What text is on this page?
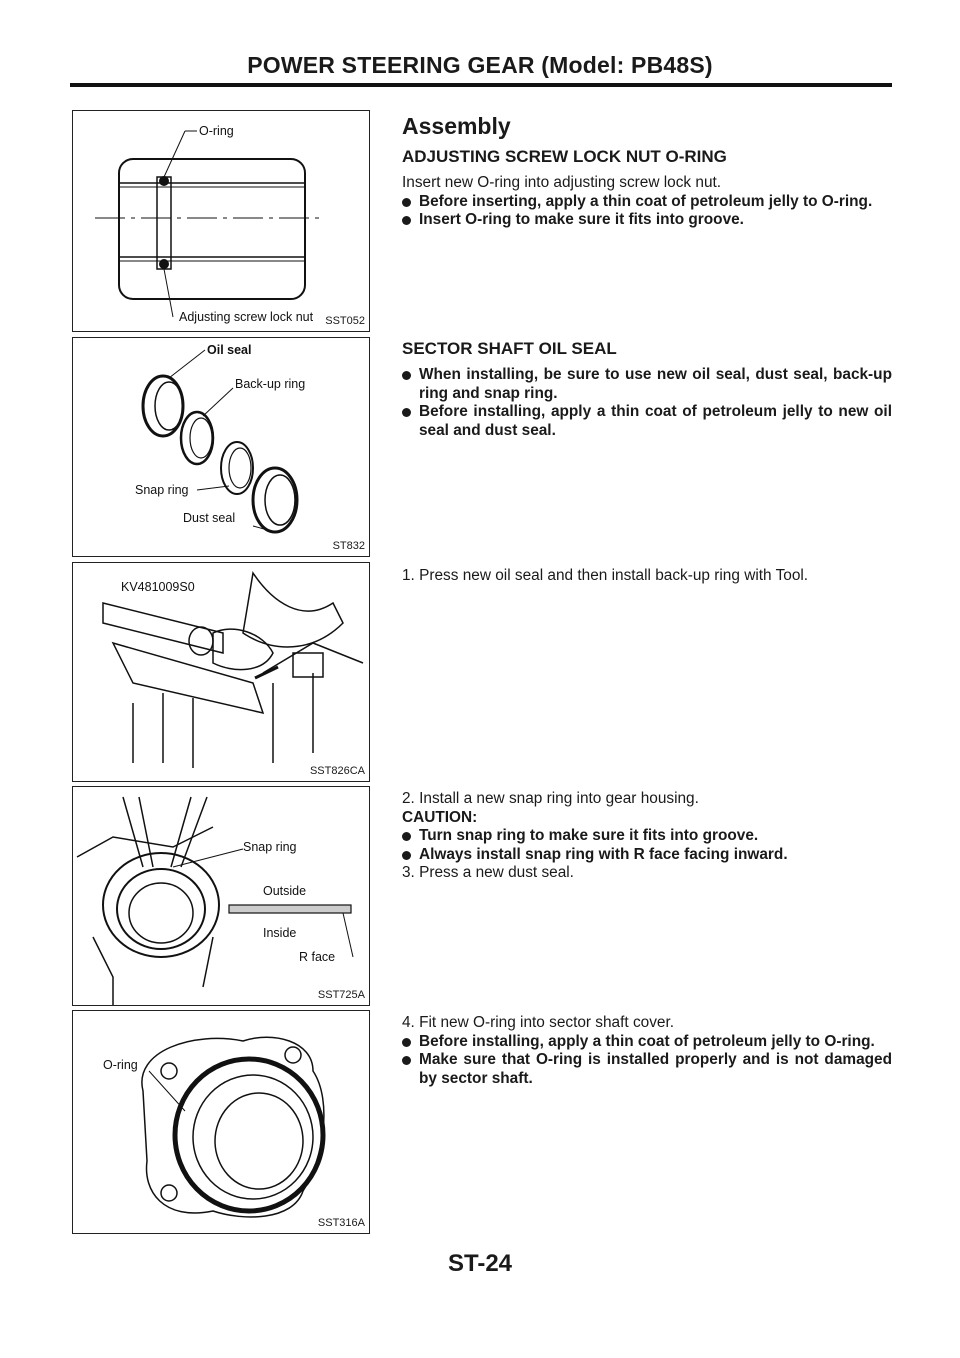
POWER STEERING GEAR (Model: PB48S)
O-ring
Adjusting screw lock nut SST052
Oil seal
Back-up ring
Snap ring
Dust seal
ST832
KV481009S0
SST826CA
Snap ring
Outside
Inside
R face
SST725A
O-ring
SST316A
Assembly
ADJUSTING SCREW LOCK NUT O-RING

Insert new O-ring into adjusting screw lock nut.

Before inserting, apply a thin coat of petroleum jelly to O-ring.

Insert O-ring to make sure it fits into groove.

SECTOR SHAFT OIL SEAL

When installing, be sure to use new oil seal, dust seal, back-up ring and snap ring.

Before installing, apply a thin coat of petroleum jelly to new oil seal and dust seal.

1. Press new oil seal and then install back-up ring with Tool.

2. Install a new snap ring into gear housing.

CAUTION:

Turn snap ring to make sure it fits into groove.

Always install snap ring with R face facing inward.

3. Press a new dust seal.

4. Fit new O-ring into sector shaft cover.

Before installing, apply a thin coat of petroleum jelly to O-ring.

Make sure that O-ring is installed properly and is not damaged by sector shaft.

ST-24
